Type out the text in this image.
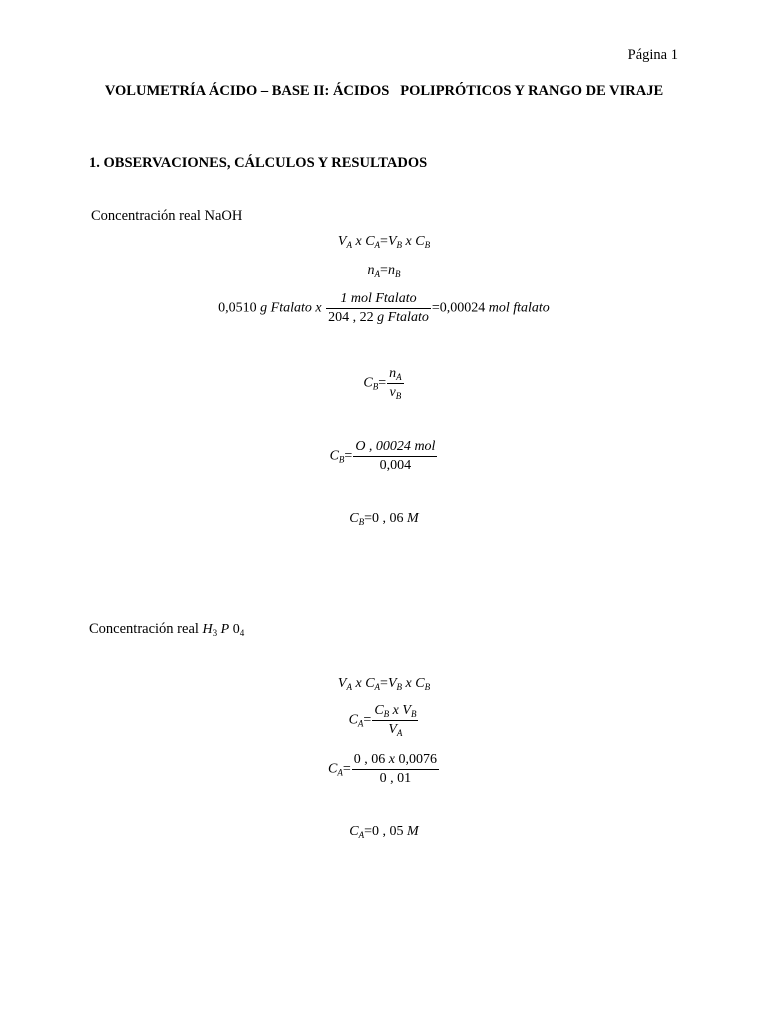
Página 1
VOLUMETRÍA ÁCIDO – BASE II: ÁCIDOS   POLIPRÓTICOS Y RANGO DE VIRAJE
1. OBSERVACIONES, CÁLCULOS Y RESULTADOS
Concentración real NaOH
$V_A$ x $C_A=V_B$ x $C_B$
$n_A=n_B$
0,0510 g Ftalato x $\frac{\text{1 mol Ftalato}}{\text{204 , 22 g Ftalato}} =0,00024$ mol ftalato
$C_B= \frac{n_A}{v_B}$
$C_B= \frac{\text{O , 00024 mol}}{0,004}$
$C_B=0$ , 06 M
Concentración real $H_3$ P $0_4$
$V_A$ x $C_A=V_B$ x $C_B$
$C_A= \frac{C_B x V_B}{V_A}$
$C_A= \frac{0 , 06 x 0,0076}{0 , 01}$
$C_A=0$ , 05 M
